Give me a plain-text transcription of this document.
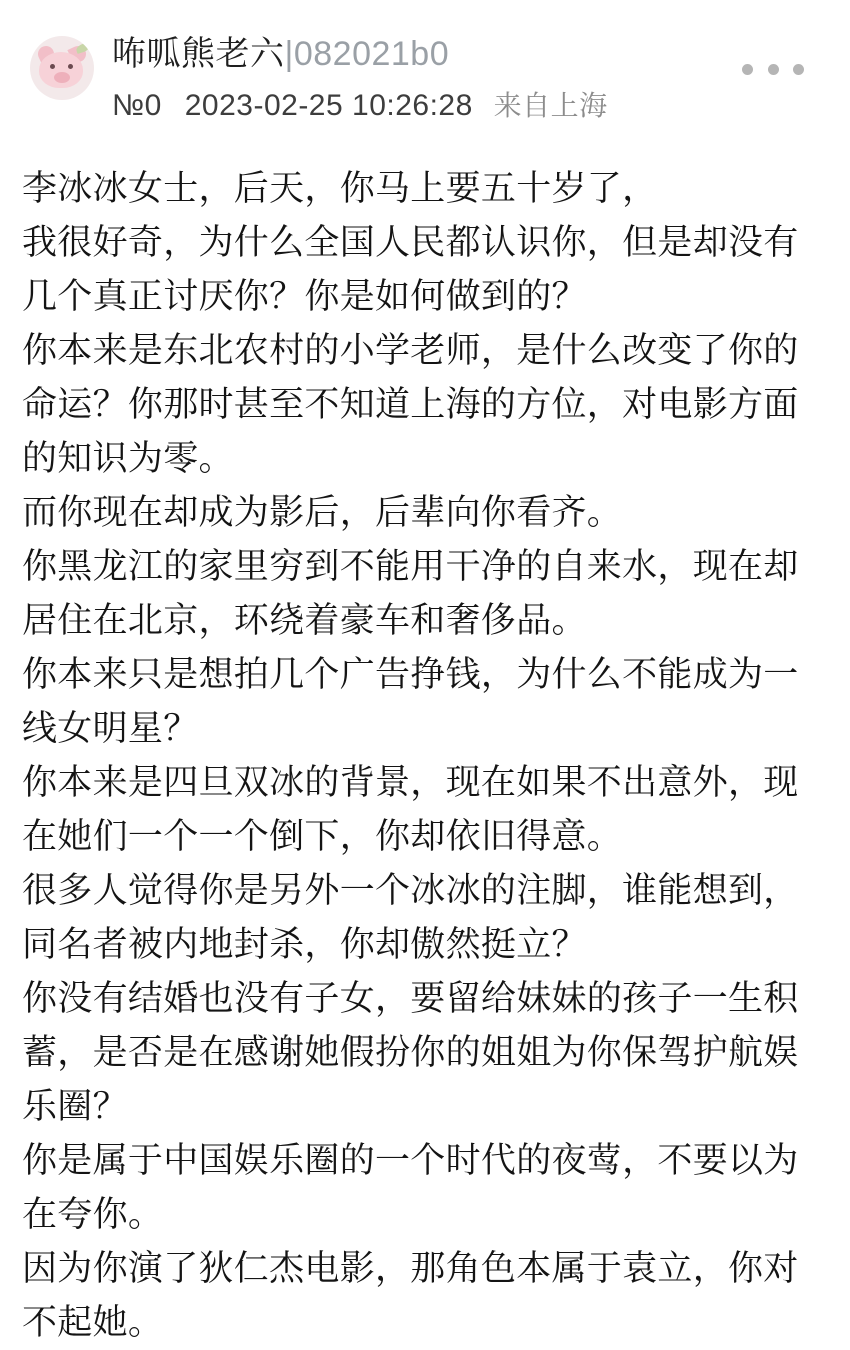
咘呱熊老六 | 082021b0
№0 2023-02-25 10:26:28 来自上海

李冰冰女士，后天，你马上要五十岁了，

我很好奇，为什么全国人民都认识你，但是却没有几个真正讨厌你？你是如何做到的？

你本来是东北农村的小学老师，是什么改变了你的命运？你那时甚至不知道上海的方位，对电影方面的知识为零。

而你现在却成为影后，后辈向你看齐。

你黑龙江的家里穷到不能用干净的自来水，现在却居住在北京，环绕着豪车和奢侈品。

你本来只是想拍几个广告挣钱，为什么不能成为一线女明星？

你本来是四旦双冰的背景，现在如果不出意外，现在她们一个一个倒下，你却依旧得意。

很多人觉得你是另外一个冰冰的注脚，谁能想到，同名者被内地封杀，你却傲然挺立？

你没有结婚也没有子女，要留给妹妹的孩子一生积蓄，是否是在感谢她假扮你的姐姐为你保驾护航娱乐圈？

你是属于中国娱乐圈的一个时代的夜莺，不要以为在夸你。

因为你演了狄仁杰电影，那角色本属于袁立，你对不起她。
